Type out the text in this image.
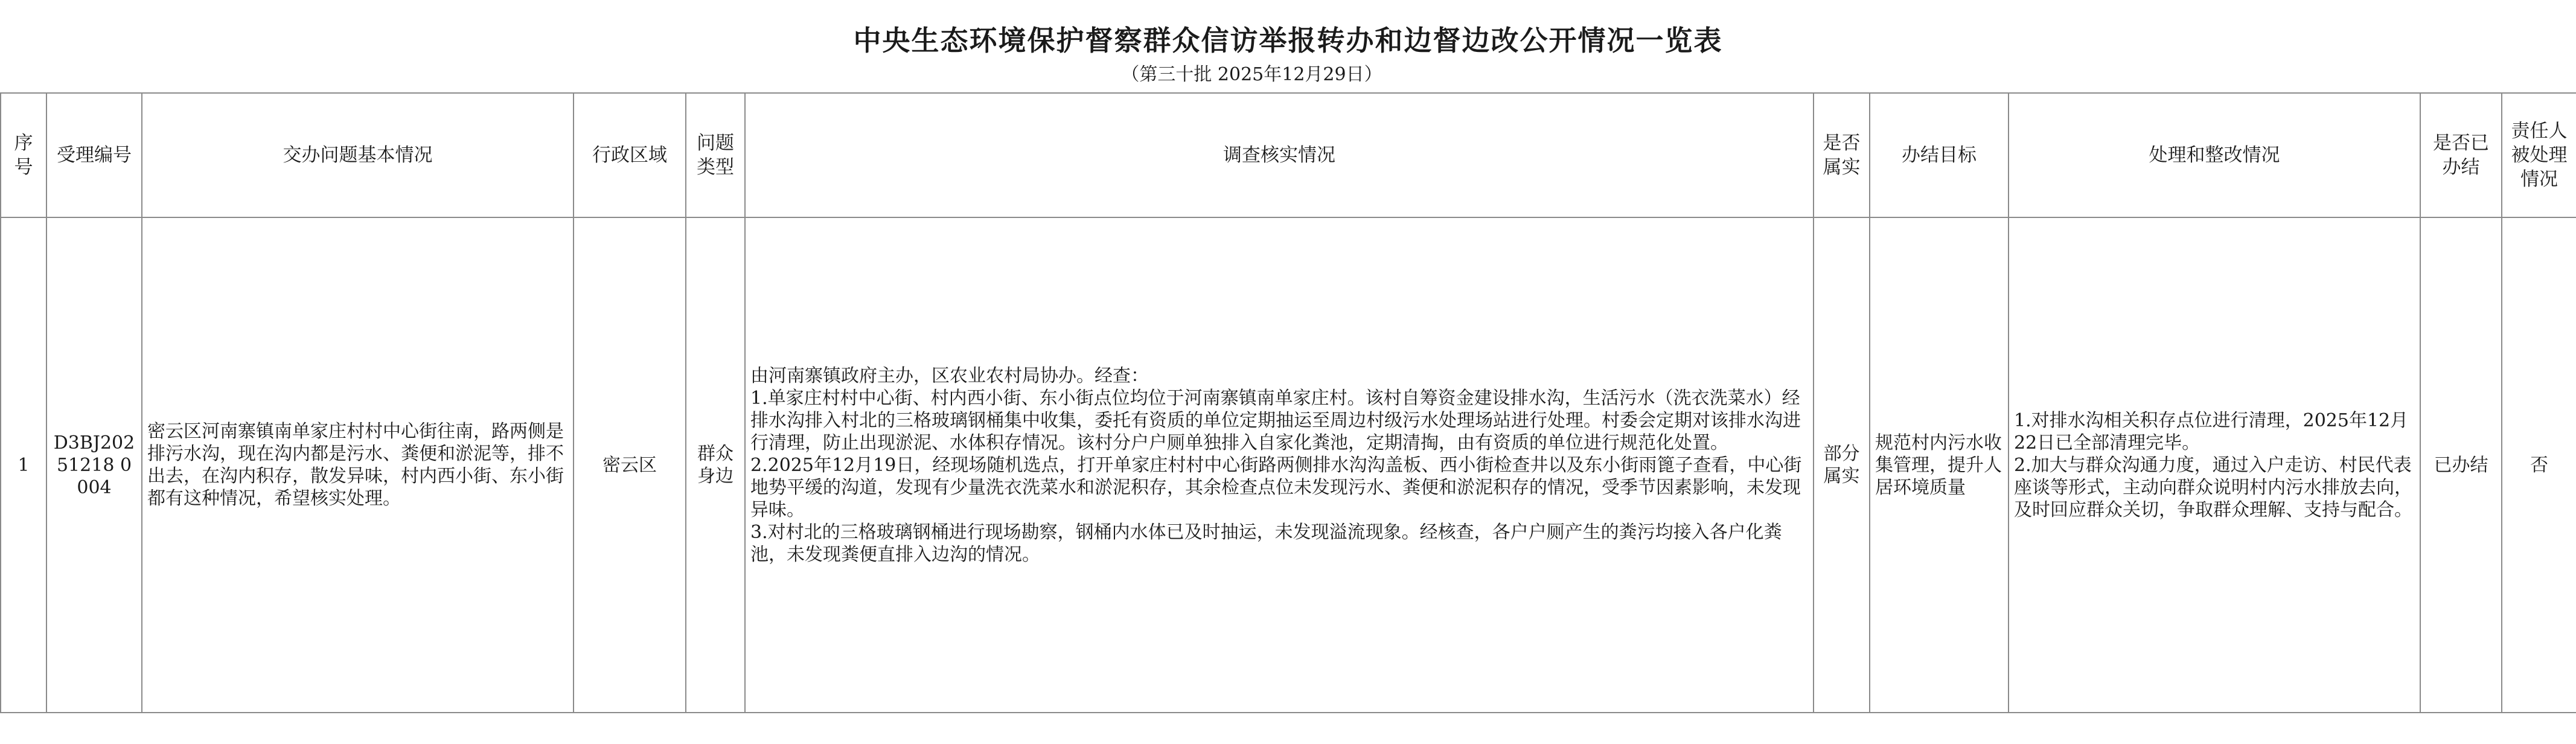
中央生态环境保护督察群众信访举报转办和边督边改公开情况一览表
（第三十批 2025年12月29日）
序号	受理编号	交办问题基本情况	行政区域	问题类型	调查核实情况	是否属实	办结目标	处理和整改情况	是否已办结	责任人被处理情况
1	D3BJ20251218 0004	密云区河南寨镇南单家庄村村中心街往南，路两侧是排污水沟，现在沟内都是污水、粪便和淤泥等，排不出去，在沟内积存，散发异味，村内西小街、东小街都有这种情况，希望核实处理。	密云区	群众身边	由河南寨镇政府主办，区农业农村局协办。经查：
1.单家庄村村中心街、村内西小街、东小街点位均位于河南寨镇南单家庄村。该村自筹资金建设排水沟，生活污水（洗衣洗菜水）经排水沟排入村北的三格玻璃钢桶集中收集，委托有资质的单位定期抽运至周边村级污水处理场站进行处理。村委会定期对该排水沟进行清理，防止出现淤泥、水体积存情况。该村分户户厕单独排入自家化粪池，定期清掏，由有资质的单位进行规范化处置。
2.2025年12月19日，经现场随机选点，打开单家庄村村中心街路两侧排水沟沟盖板、西小街检查井以及东小街雨篦子查看，中心街地势平缓的沟道，发现有少量洗衣洗菜水和淤泥积存，其余检查点位未发现污水、粪便和淤泥积存的情况，受季节因素影响，未发现异味。
3.对村北的三格玻璃钢桶进行现场勘察，钢桶内水体已及时抽运，未发现溢流现象。经核查，各户户厕产生的粪污均接入各户化粪池，未发现粪便直排入边沟的情况。	部分属实	规范村内污水收集管理，提升人居环境质量	1.对排水沟相关积存点位进行清理，2025年12月22日已全部清理完毕。
2.加大与群众沟通力度，通过入户走访、村民代表座谈等形式，主动向群众说明村内污水排放去向，及时回应群众关切，争取群众理解、支持与配合。	已办结	否
